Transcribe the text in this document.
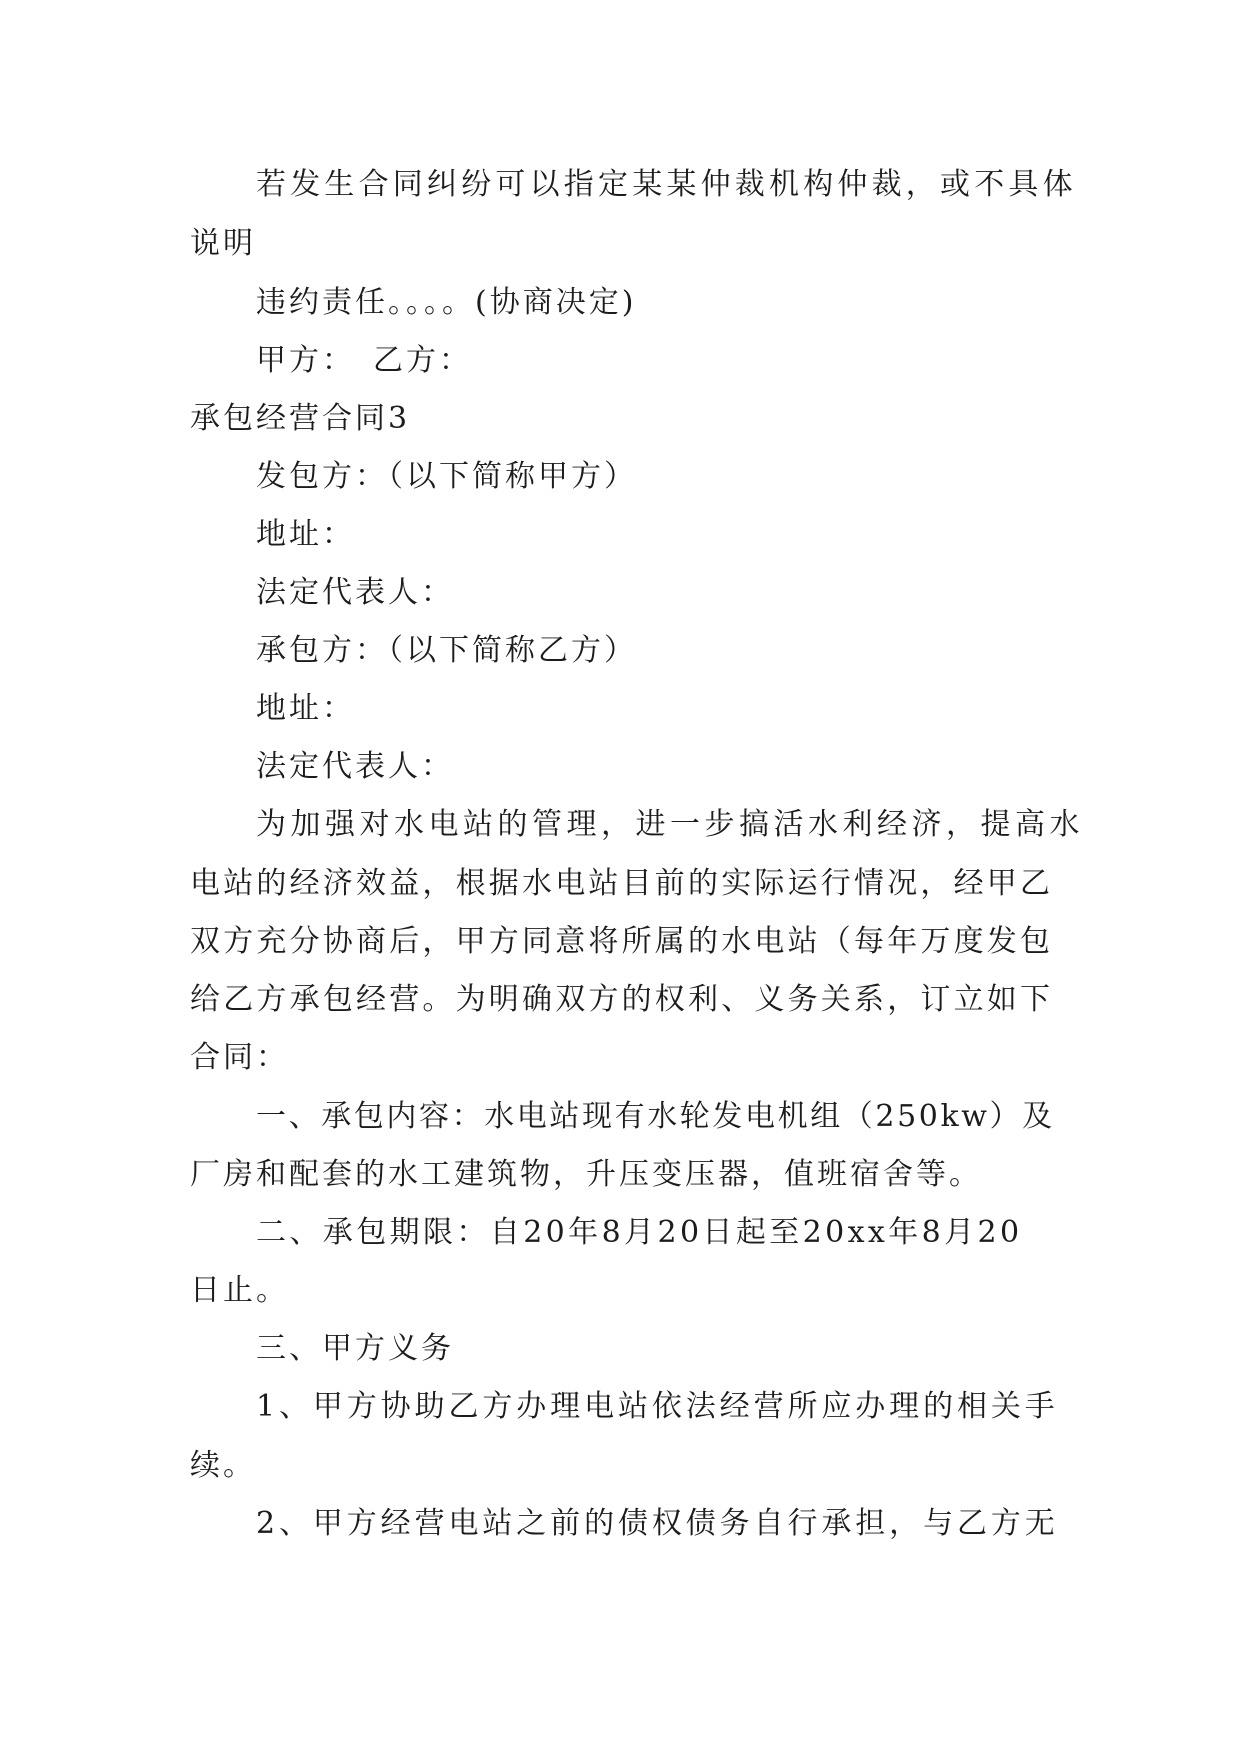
若发生合同纠纷可以指定某某仲裁机构仲裁，或不具体
说明
违约责任。。。。(协商决定)
甲方：　乙方：
承包经营合同3
发包方：（以下简称甲方）
地址：
法定代表人：
承包方：（以下简称乙方）
地址：
法定代表人：
为加强对水电站的管理，进一步搞活水利经济，提高水
电站的经济效益，根据水电站目前的实际运行情况，经甲乙
双方充分协商后，甲方同意将所属的水电站（每年万度发包
给乙方承包经营。为明确双方的权利、义务关系，订立如下
合同：
一、承包内容：水电站现有水轮发电机组（250kw）及
厂房和配套的水工建筑物，升压变压器，值班宿舍等。
二、承包期限：自20年8月20日起至20xx年8月20
日止。
三、甲方义务
1、甲方协助乙方办理电站依法经营所应办理的相关手
续。
2、甲方经营电站之前的债权债务自行承担，与乙方无
